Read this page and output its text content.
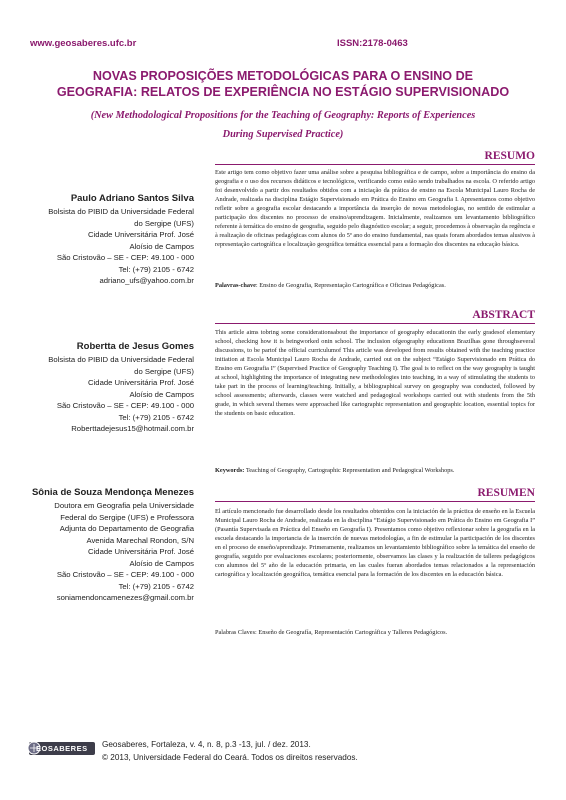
www.geosaberes.ufc.br	ISSN:2178-0463
NOVAS PROPOSIÇÕES METODOLÓGICAS PARA O ENSINO DE
GEOGRAFIA: RELATOS DE EXPERIÊNCIA NO ESTÁGIO SUPERVISIONADO
(New Methodological Propositions for the Teaching of Geography: Reports of Experiences
During Supervised Practice)
RESUMO

Este artigo tem como objetivo fazer uma análise sobre a pesquisa bibliográfica e de campo, sobre a importância do ensino da geografia e o uso dos recursos didáticos e tecnológicos, verificando como estão sendo trabalhados na escola. O referido artigo foi desenvolvido a partir dos resultados obtidos com a iniciação da prática de ensino na Escola Municipal Lauro Rocha de Andrade, realizada na disciplina Estágio Supervisionado em Prática do Ensino em Geografia I. Apresentamos como objetivo refletir sobre a geografia escolar destacando a importância da inserção de novas metodologias, no sentido de estimular a participação dos discentes no processo de ensino/aprendizagem. Inicialmente, realizamos um levantamento bibliográfico referente à temática do ensino de geografia, seguido pelo diagnóstico escolar; a seguir, procedemos à observação da regência e à realização de oficinas pedagógicas com alunos do 5º ano do ensino fundamental, nas quais foram abordados temas alusivos à representação cartográfica e localização geográfica temática essencial para a formação dos discentes na educação básica.

Palavras-chave: Ensino de Geografia, Representação Cartográfica e Oficinas Pedagógicas.

ABSTRACT

This article aims tobring some considerationsabout the importance of geography educationin the early gradesof elementary school, checking how it is beingworked onin school. The inclusion ofgeography educationn Brazilhas gone throughseveral discussions, to be partof the official curriculumof This article was developed from results obtained with the teaching practice initiation at Escola Municipal Lauro Rocha de Andrade, carried out on the subject “Estágio Supervisionado em Prática do Ensino em Geografia I” (Supervised Practice of Geography Teaching I). The goal is to reflect on the way geography is taught at school, highlighting the importance of integrating new methodologies into teaching, in a way of stimulating the students to take part in the process of learning/teaching. Initially, a bibliographical survey on geography was conducted, followed by school assessments; afterwards, classes were watched and pedagogical workshops carried out with students from the 5th grade, in which several themes were approached like cartographic representation and geographic location, essential topics for the students on basic education.

Keywords: Teaching of Geography, Cartographic Representation and Pedagogical Workshops.

RESUMEN

El artículo mencionado fue desarrollado desde los resultados obtenidos con la iniciación de la práctica de enseño en la Escuela Municipal Lauro Rocha de Andrade, realizada en la disciplina “Estágio Supervisionado em Prática do Ensino em Geografia I” (Pasantía Supervisada en Práctica del Enseño en Geografía I). Presentamos como objetivo reflexionar sobre la geografía en la escuela destacando la importancia de la inserción de nuevas metodologías, a fin de estimular la participación de los discentes en el proceso de enseño/aprendizaje. Primeramente, realizamos un levantamiento bibliográfico sobre la temática del enseño de geografía, seguido por evaluaciones escolares; posteriormente, observamos las clases y la realización de talleres pedagógicos con alumnos del 5º año de la educación primaria, en las cuales fueran abordados temas relacionados a la representación cartográfica y localización geográfica, temática esencial para la formación de los discentes en la educación básica.

Palabras Claves: Enseño de Geografía, Representación Cartográfica y Talleres Pedagógicos.

Paulo Adriano Santos Silva
Bolsista do PIBID da Universidade Federal
do Sergipe (UFS)
Cidade Universitária Prof. José
Aloísio de Campos
São Cristovão – SE - CEP: 49.100 - 000
Tel: (+79) 2105 - 6742
adriano_ufs@yahoo.com.br
Robertta de Jesus Gomes
Bolsista do PIBID da Universidade Federal
do Sergipe (UFS)
Cidade Universitária Prof. José
Aloísio de Campos
São Cristovão – SE - CEP: 49.100 - 000
Tel: (+79) 2105 - 6742
Roberttadejesus15@hotmail.com.br
Sônia de Souza Mendonça Menezes
Doutora em Geografia pela Universidade
Federal do Sergipe (UFS) e Professora
Adjunta do Departamento de Geografia
Avenida Marechal Rondon, S/N
Cidade Universitária Prof. José
Aloísio de Campos
São Cristovão – SE - CEP: 49.100 - 000
Tel: (+79) 2105 - 6742
soniamendoncamenezes@gmail.com.br
EOSABERES Geosaberes, Fortaleza, v. 4, n. 8, p.3 -13, jul. / dez. 2013.
© 2013, Universidade Federal do Ceará. Todos os direitos reservados.
